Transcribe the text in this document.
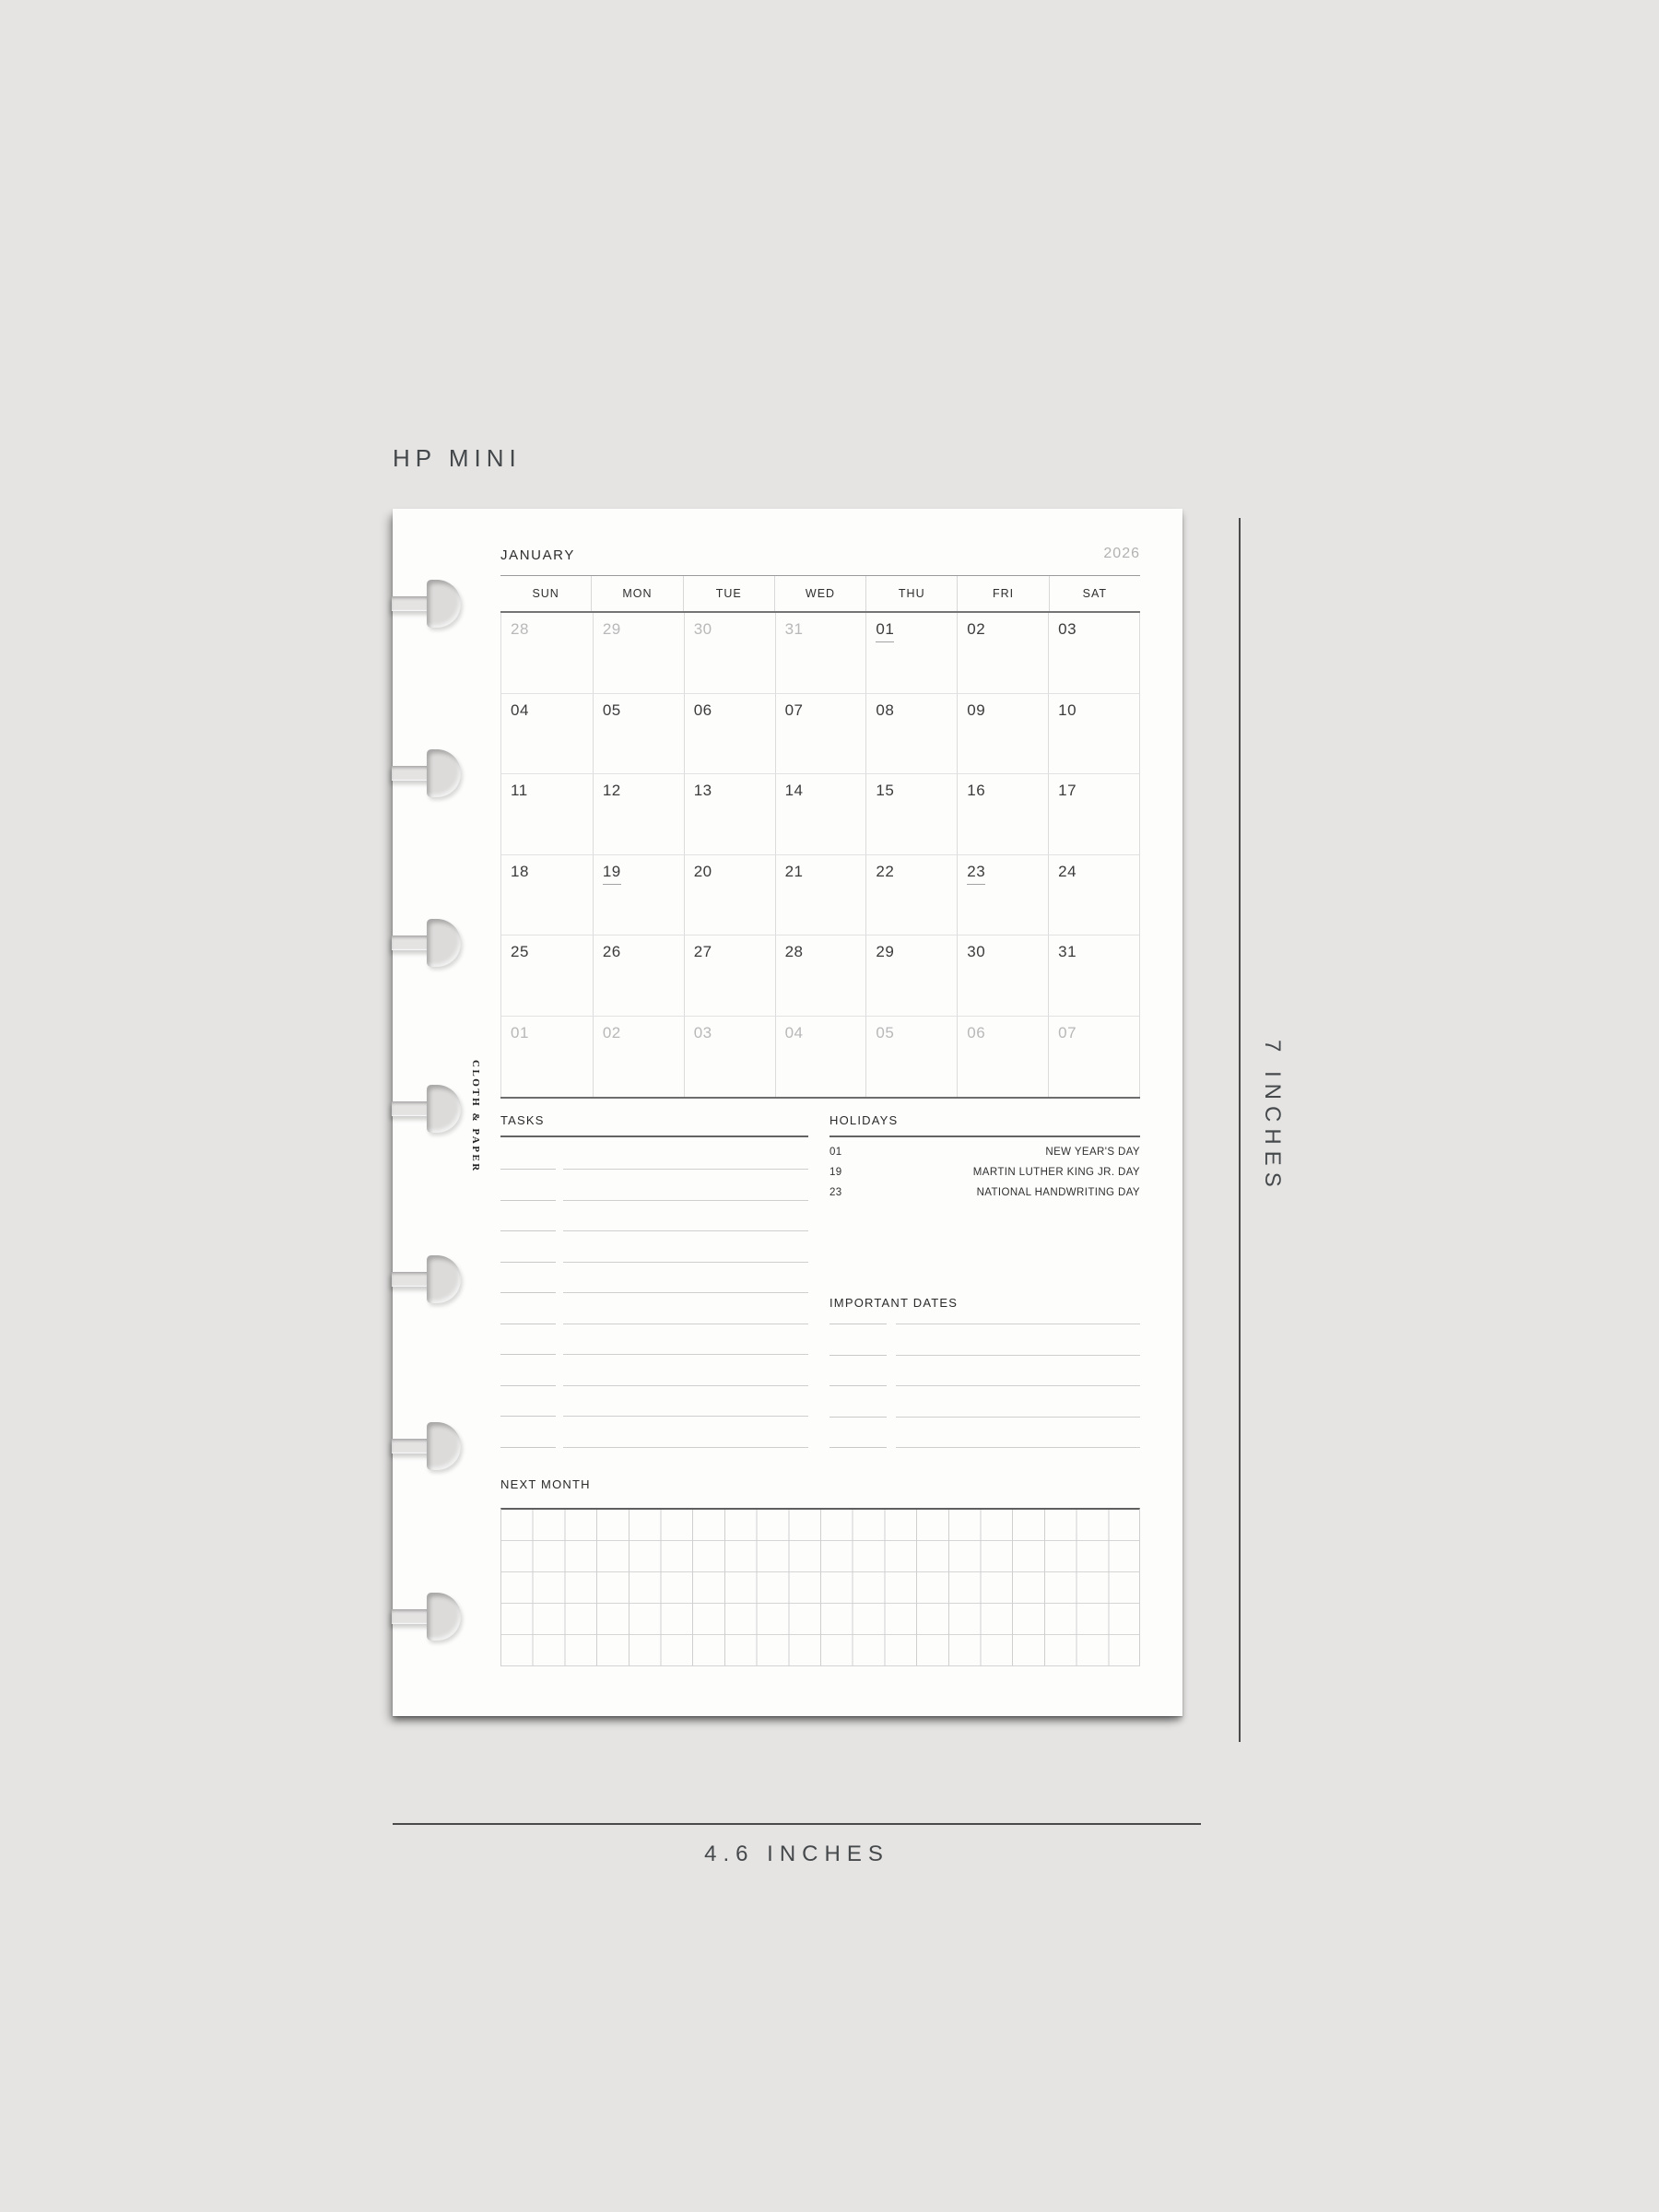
HP MINI
CLOTH & PAPER
JANUARY	2026
SUN	MON	TUE	WED	THU	FRI	SAT
28	29	30	31	01	02	03
04	05	06	07	08	09	10
11	12	13	14	15	16	17
18	19	20	21	22	23	24
25	26	27	28	29	30	31
01	02	03	04	05	06	07
TASKS	HOLIDAYS
01	NEW YEAR'S DAY
19	MARTIN LUTHER KING JR. DAY
23	NATIONAL HANDWRITING DAY
IMPORTANT DATES
NEXT MONTH
7 INCHES
4.6 INCHES
